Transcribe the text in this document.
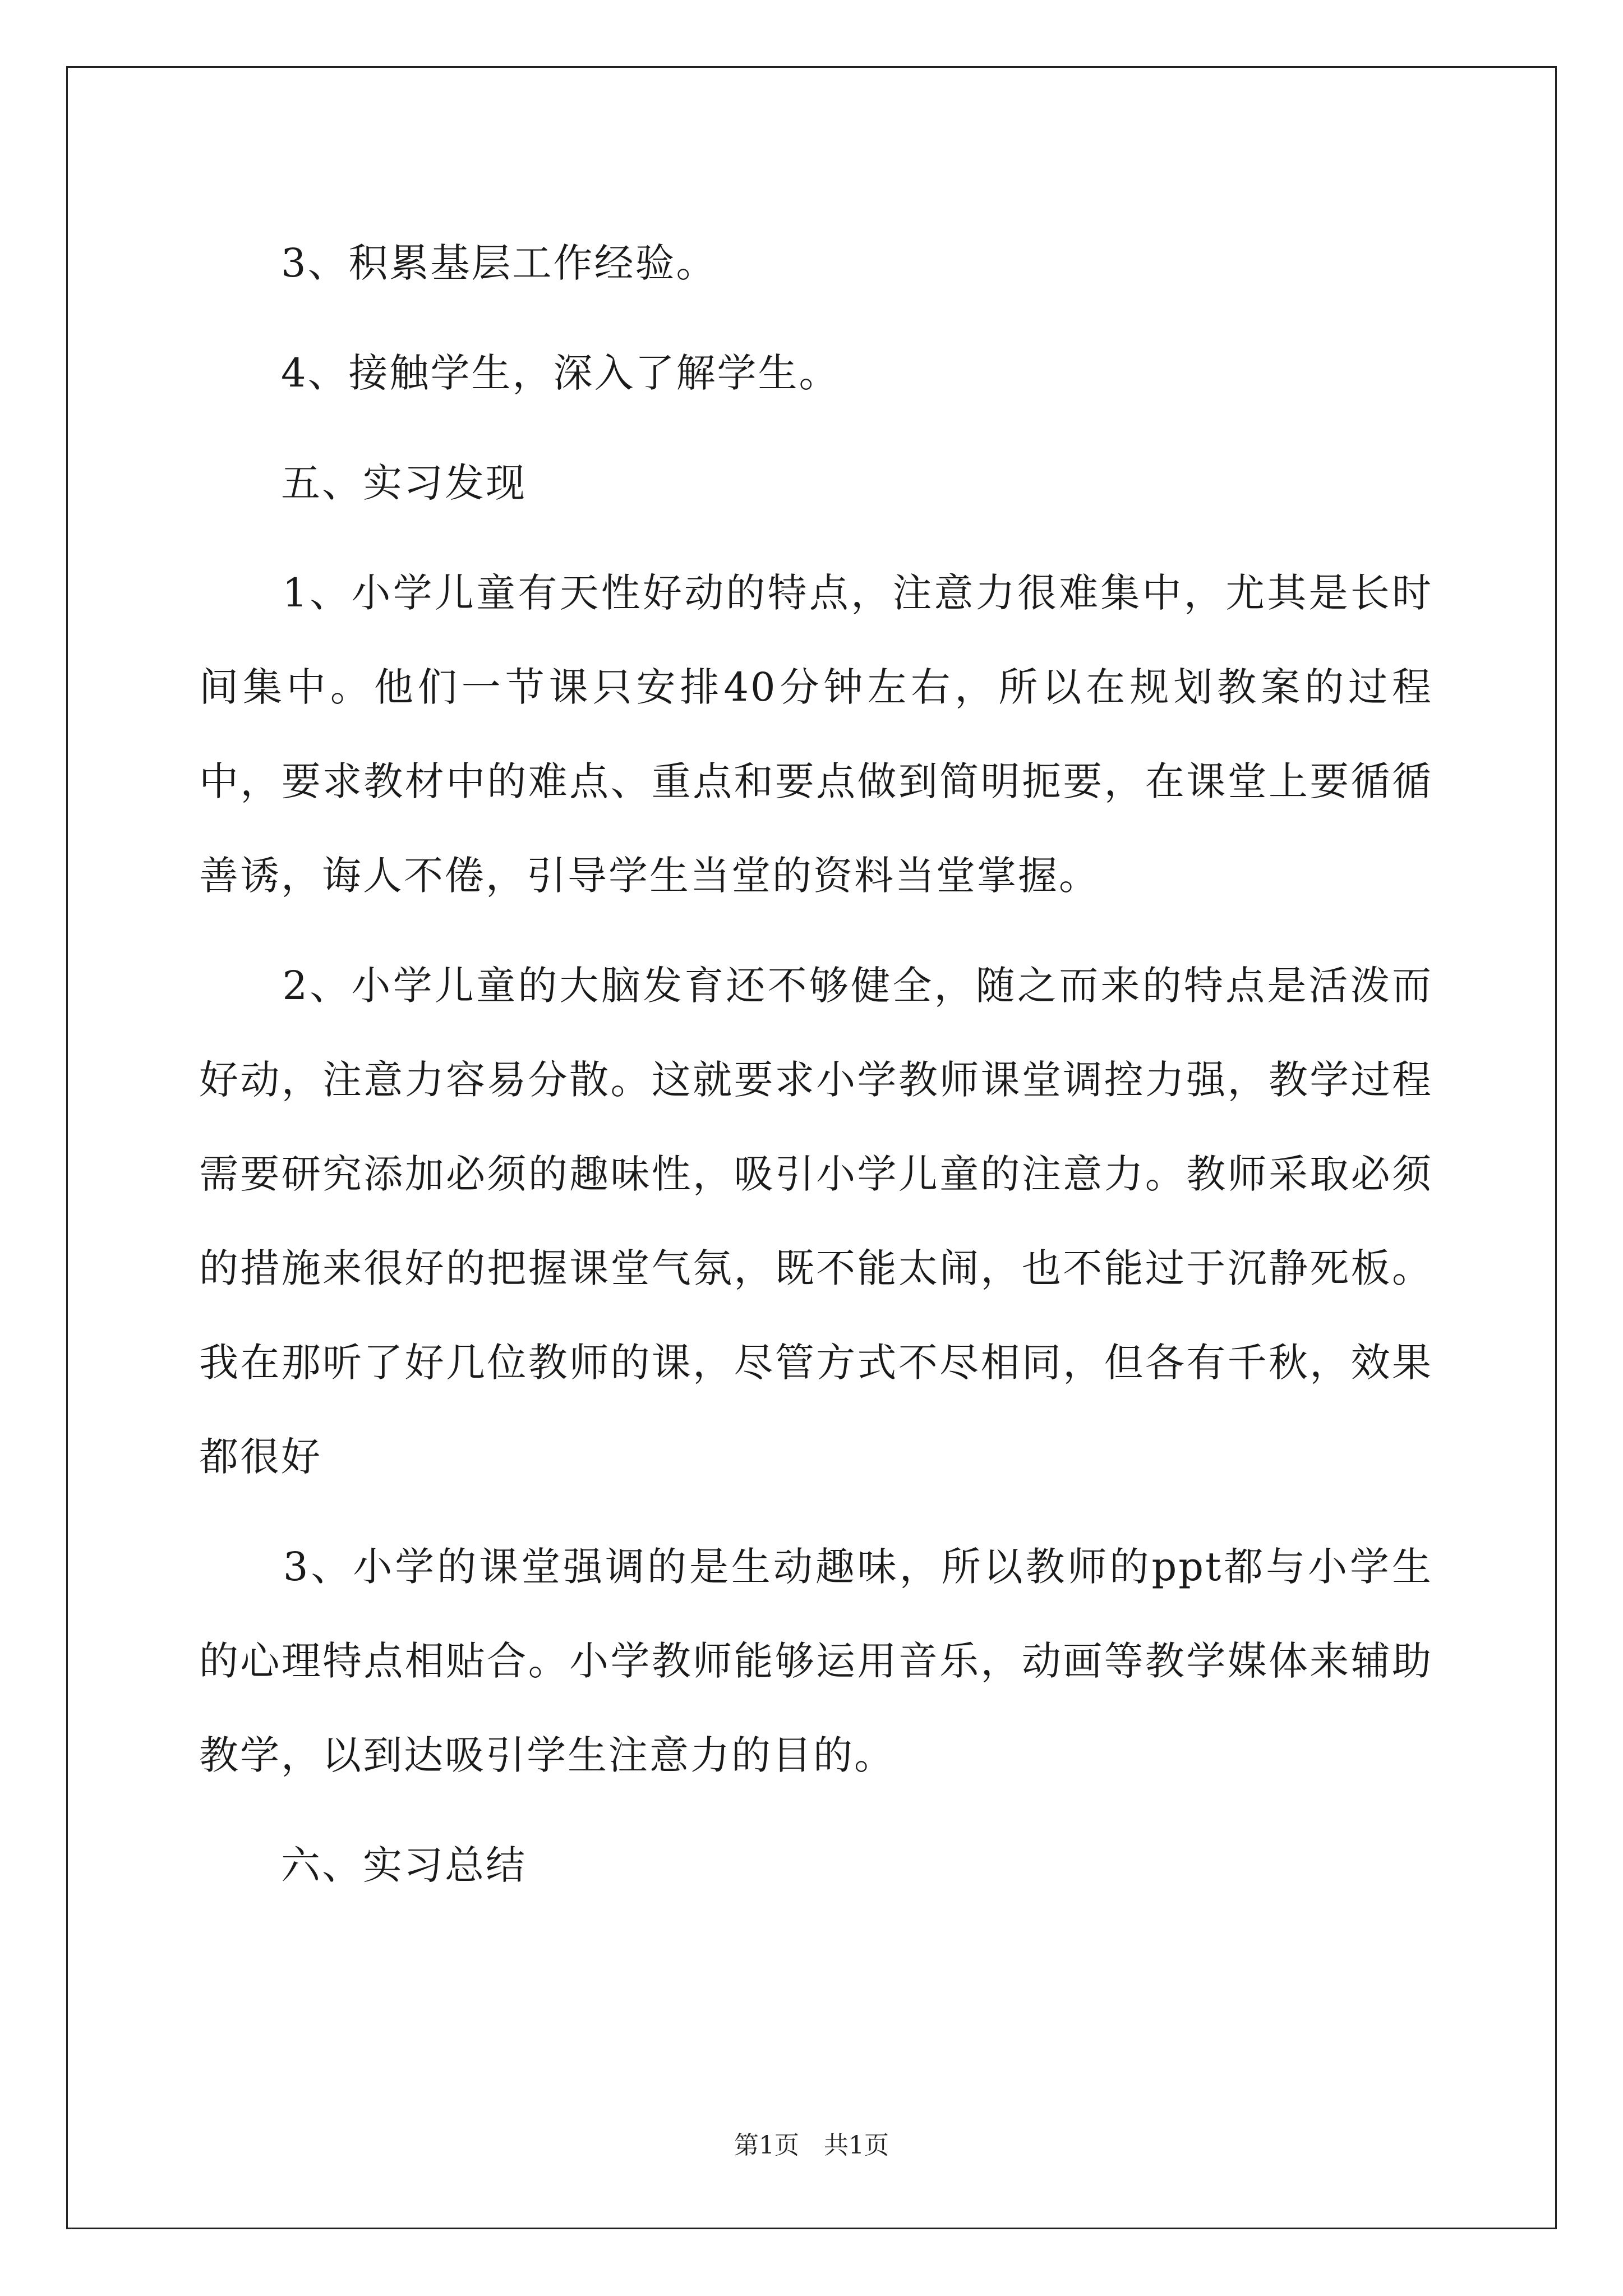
　　3、积累基层工作经验。

　　4、接触学生，深入了解学生。

　　五、实习发现

　　1、小学儿童有天性好动的特点，注意力很难集中，尤其是长时间集中。他们一节课只安排40分钟左右，所以在规划教案的过程中，要求教材中的难点、重点和要点做到简明扼要，在课堂上要循循善诱，诲人不倦，引导学生当堂的资料当堂掌握。

　　2、小学儿童的大脑发育还不够健全，随之而来的特点是活泼而好动，注意力容易分散。这就要求小学教师课堂调控力强，教学过程需要研究添加必须的趣味性，吸引小学儿童的注意力。教师采取必须的措施来很好的把握课堂气氛，既不能太闹，也不能过于沉静死板。我在那听了好几位教师的课，尽管方式不尽相同，但各有千秋，效果都很好

　　3、小学的课堂强调的是生动趣味，所以教师的ppt都与小学生的心理特点相贴合。小学教师能够运用音乐，动画等教学媒体来辅助教学，以到达吸引学生注意力的目的。

　　六、实习总结

第1页　共1页
